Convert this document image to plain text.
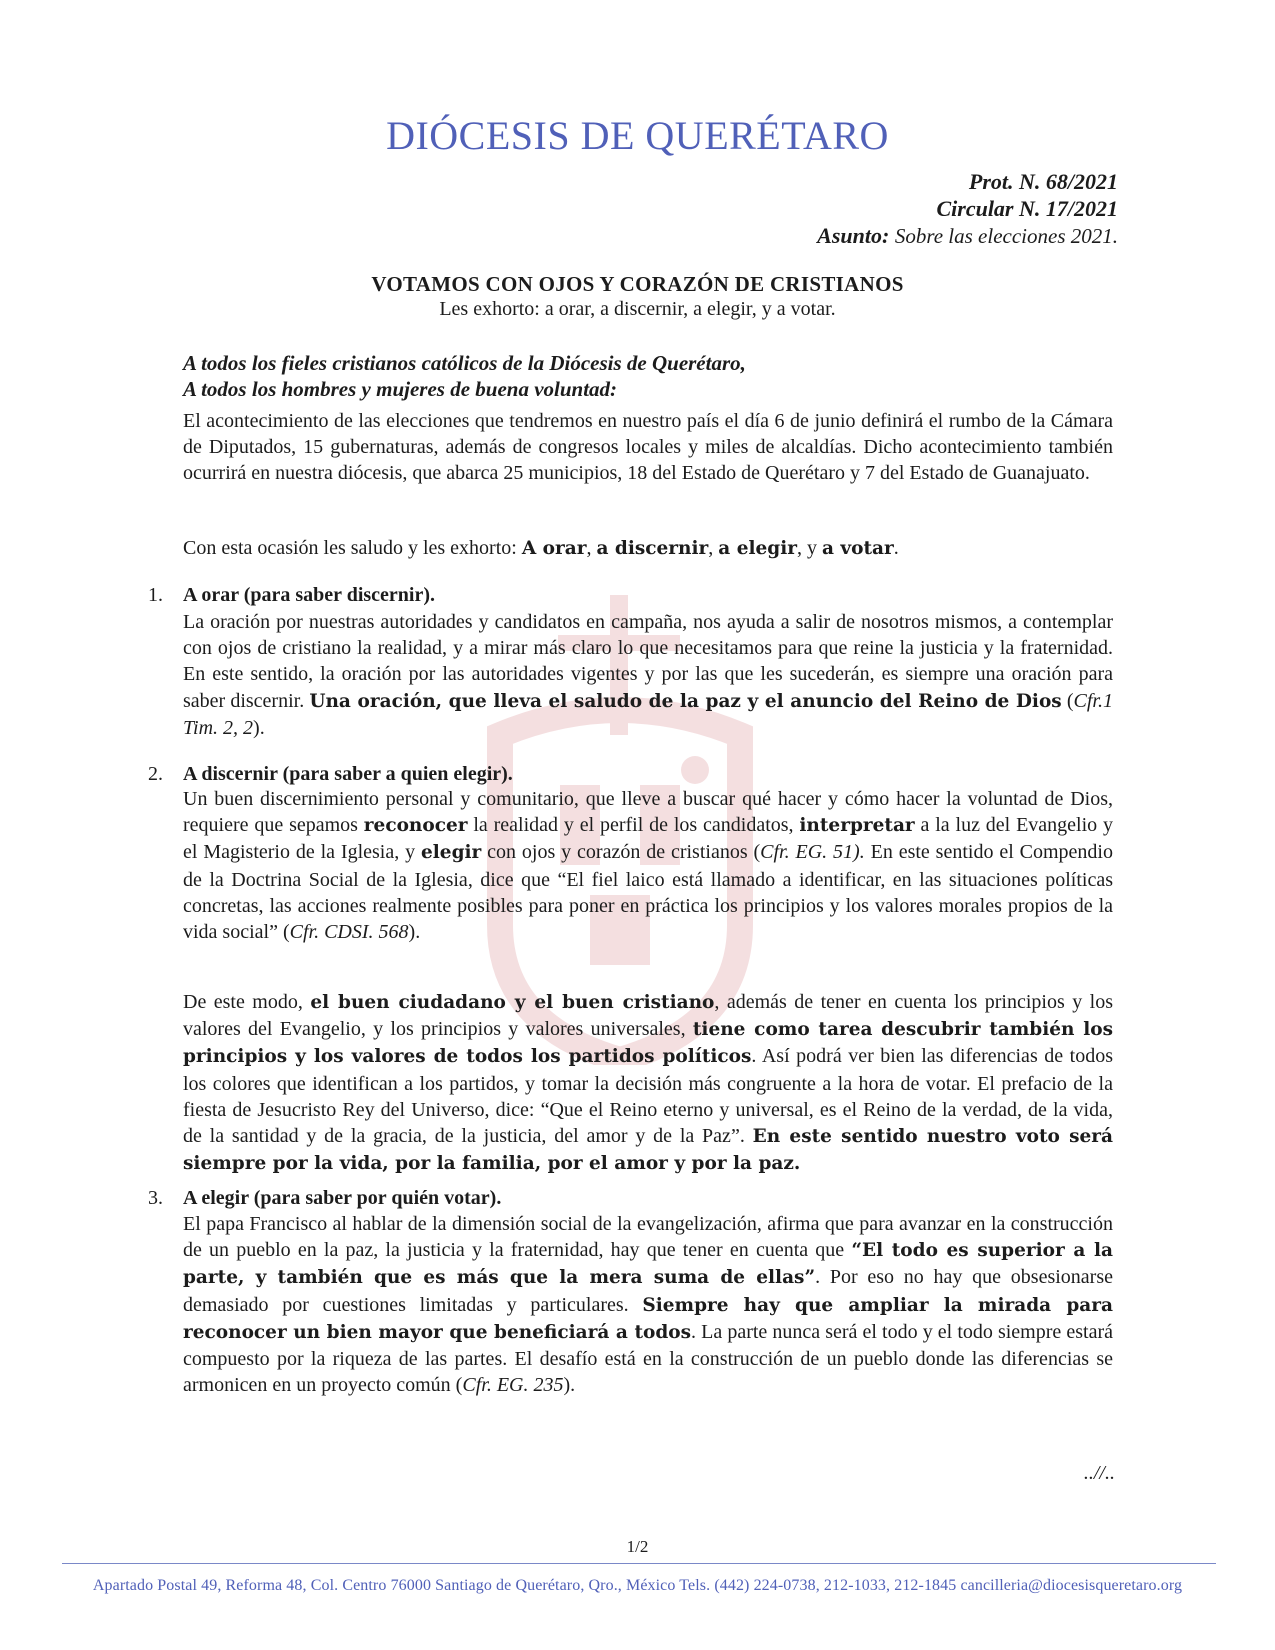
DIÓCESIS DE QUERÉTARO
Prot. N. 68/2021
Circular N. 17/2021
Asunto: Sobre las elecciones 2021.
VOTAMOS CON OJOS Y CORAZÓN DE CRISTIANOS
Les exhorto: a orar, a discernir, a elegir, y a votar.
A todos los fieles cristianos católicos de la Diócesis de Querétaro,
A todos los hombres y mujeres de buena voluntad:
El acontecimiento de las elecciones que tendremos en nuestro país el día 6 de junio definirá el rumbo de la Cámara de Diputados, 15 gubernaturas, además de congresos locales y miles de alcaldías. Dicho acontecimiento también ocurrirá en nuestra diócesis, que abarca 25 municipios, 18 del Estado de Querétaro y 7 del Estado de Guanajuato.
Con esta ocasión les saludo y les exhorto: A orar, a discernir, a elegir, y a votar.
1. A orar (para saber discernir).
La oración por nuestras autoridades y candidatos en campaña, nos ayuda a salir de nosotros mismos, a contemplar con ojos de cristiano la realidad, y a mirar más claro lo que necesitamos para que reine la justicia y la fraternidad. En este sentido, la oración por las autoridades vigentes y por las que les sucederán, es siempre una oración para saber discernir. Una oración, que lleva el saludo de la paz y el anuncio del Reino de Dios (Cfr.1 Tim. 2, 2).
2. A discernir (para saber a quien elegir).
Un buen discernimiento personal y comunitario, que lleve a buscar qué hacer y cómo hacer la voluntad de Dios, requiere que sepamos reconocer la realidad y el perfil de los candidatos, interpretar a la luz del Evangelio y el Magisterio de la Iglesia, y elegir con ojos y corazón de cristianos (Cfr. EG. 51). En este sentido el Compendio de la Doctrina Social de la Iglesia, dice que “El fiel laico está llamado a identificar, en las situaciones políticas concretas, las acciones realmente posibles para poner en práctica los principios y los valores morales propios de la vida social” (Cfr. CDSI. 568).
De este modo, el buen ciudadano y el buen cristiano, además de tener en cuenta los principios y los valores del Evangelio, y los principios y valores universales, tiene como tarea descubrir también los principios y los valores de todos los partidos políticos. Así podrá ver bien las diferencias de todos los colores que identifican a los partidos, y tomar la decisión más congruente a la hora de votar. El prefacio de la fiesta de Jesucristo Rey del Universo, dice: “Que el Reino eterno y universal, es el Reino de la verdad, de la vida, de la santidad y de la gracia, de la justicia, del amor y de la Paz”. En este sentido nuestro voto será siempre por la vida, por la familia, por el amor y por la paz.
3. A elegir (para saber por quién votar).
El papa Francisco al hablar de la dimensión social de la evangelización, afirma que para avanzar en la construcción de un pueblo en la paz, la justicia y la fraternidad, hay que tener en cuenta que “El todo es superior a la parte, y también que es más que la mera suma de ellas”. Por eso no hay que obsesionarse demasiado por cuestiones limitadas y particulares. Siempre hay que ampliar la mirada para reconocer un bien mayor que beneficiará a todos. La parte nunca será el todo y el todo siempre estará compuesto por la riqueza de las partes. El desafío está en la construcción de un pueblo donde las diferencias se armonicen en un proyecto común (Cfr. EG. 235).
..//..
1/2
Apartado Postal 49, Reforma 48, Col. Centro 76000 Santiago de Querétaro, Qro., México Tels. (442) 224-0738, 212-1033, 212-1845 cancilleria@diocesisqueretaro.org
